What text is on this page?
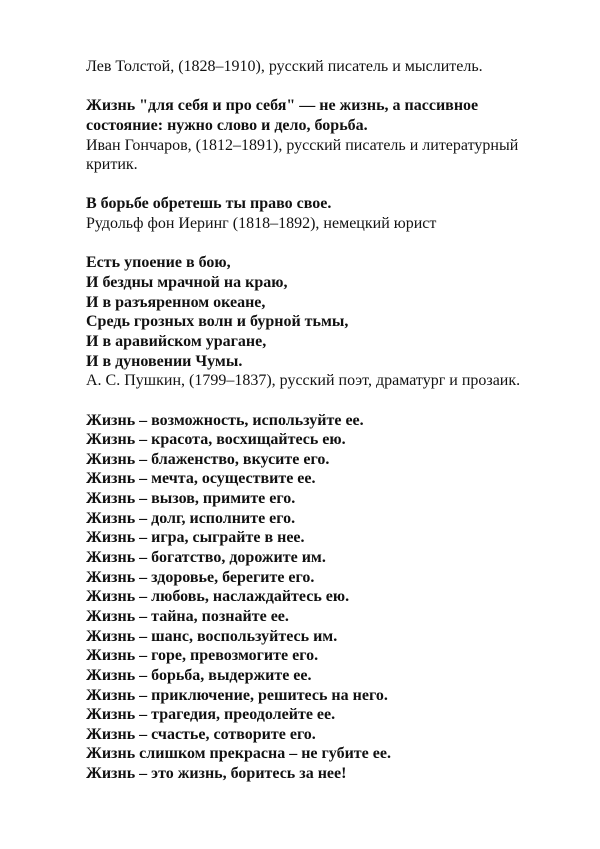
Лев Толстой, (1828–1910), русский писатель и мыслитель.
Жизнь "для себя и про себя" — не жизнь, а пассивное
состояние: нужно слово и дело, борьба.
Иван Гончаров, (1812–1891), русский писатель и литературный
критик.
В борьбе обретешь ты право свое.
Рудольф фон Иеринг (1818–1892), немецкий юрист
Есть упоение в бою,
И бездны мрачной на краю,
И в разъяренном океане,
Средь грозных волн и бурной тьмы,
И в аравийском урагане,
И в дуновении Чумы.
А. С. Пушкин, (1799–1837), русский поэт, драматург и прозаик.
Жизнь – возможность, используйте ее.
Жизнь – красота, восхищайтесь ею.
Жизнь – блаженство, вкусите его.
Жизнь – мечта, осуществите ее.
Жизнь – вызов, примите его.
Жизнь – долг, исполните его.
Жизнь – игра, сыграйте в нее.
Жизнь – богатство, дорожите им.
Жизнь – здоровье, берегите его.
Жизнь – любовь, наслаждайтесь ею.
Жизнь – тайна, познайте ее.
Жизнь – шанс, воспользуйтесь им.
Жизнь – горе, превозмогите его.
Жизнь – борьба, выдержите ее.
Жизнь – приключение, решитесь на него.
Жизнь – трагедия, преодолейте ее.
Жизнь – счастье, сотворите его.
Жизнь слишком прекрасна – не губите ее.
Жизнь – это жизнь, боритесь за нее!
